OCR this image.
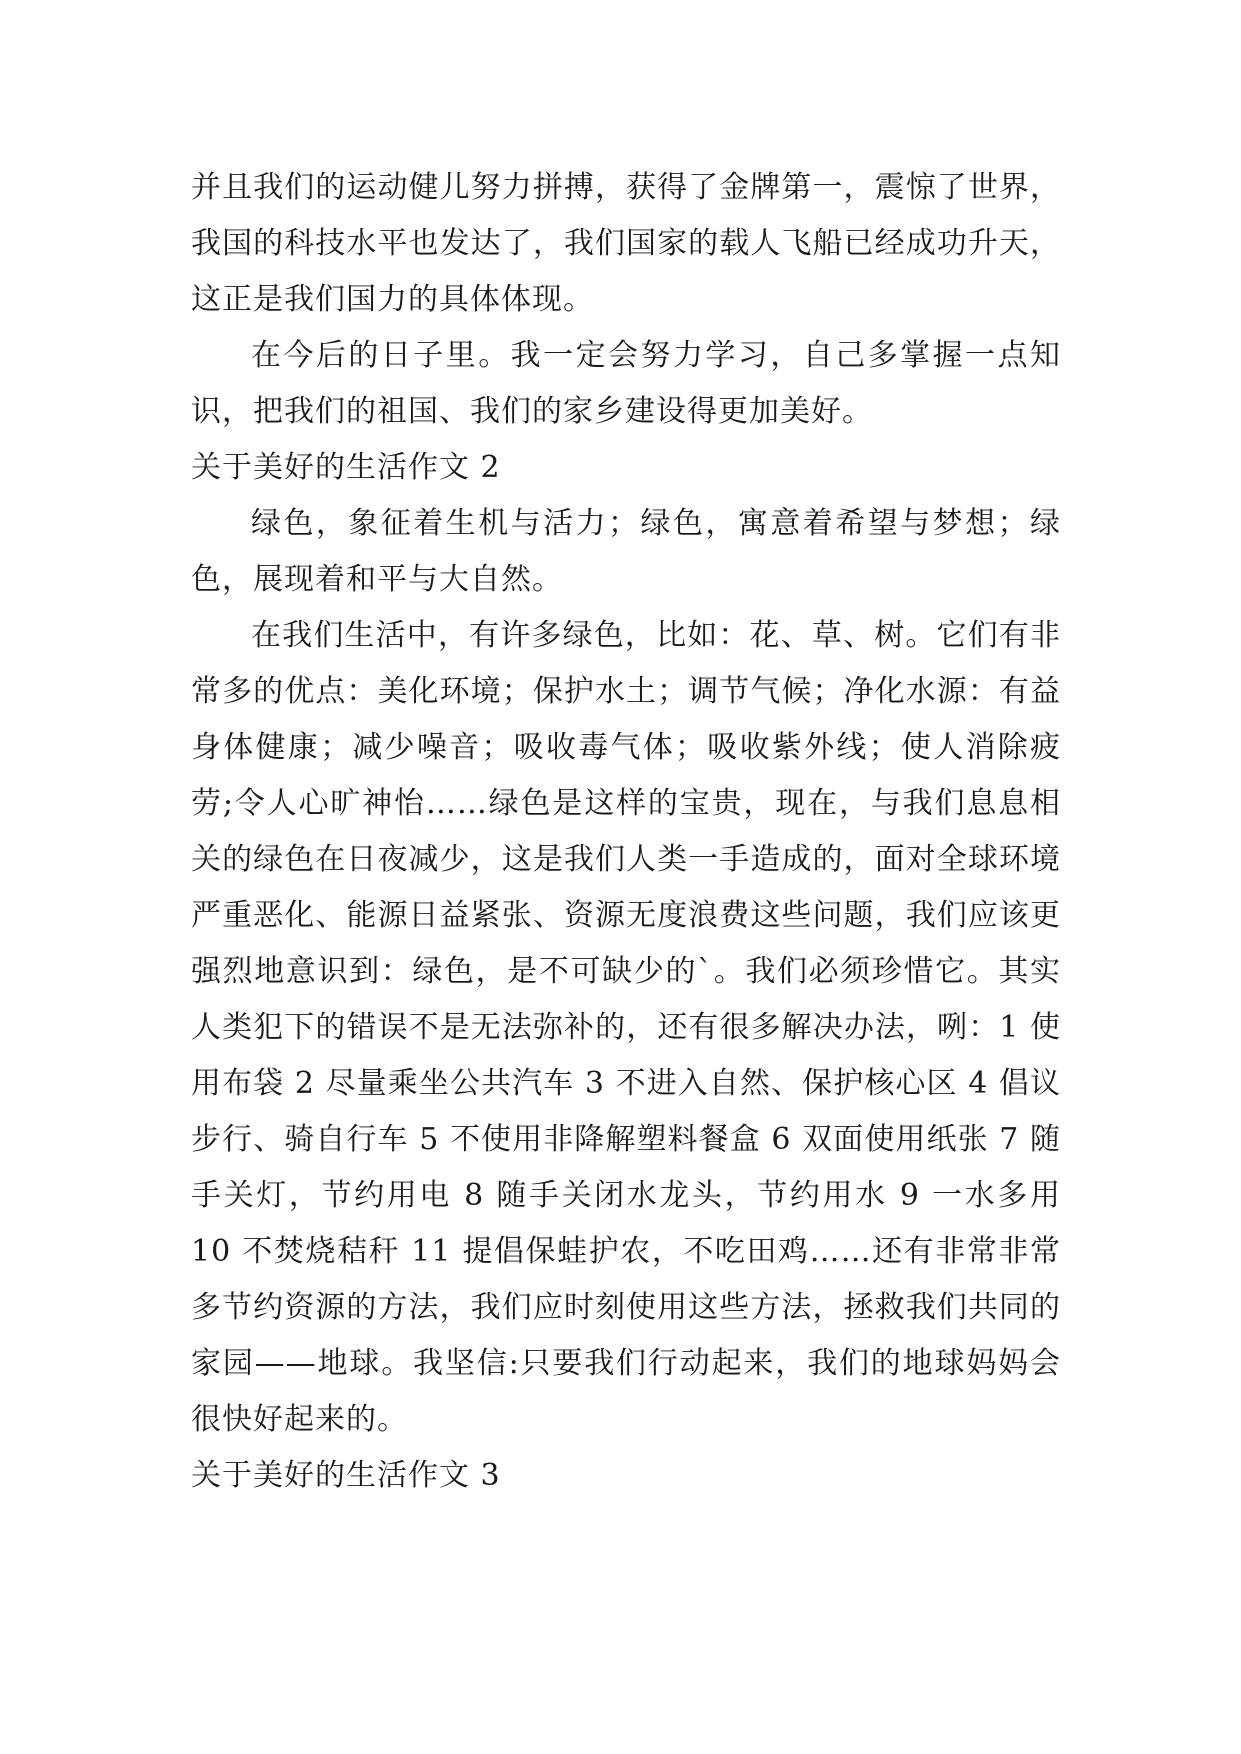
并且我们的运动健儿努力拼搏，获得了金牌第一，震惊了世界，我国的科技水平也发达了，我们国家的载人飞船已经成功升天，这正是我们国力的具体体现。

在今后的日子里。我一定会努力学习，自己多掌握一点知识，把我们的祖国、我们的家乡建设得更加美好。

关于美好的生活作文 2

绿色，象征着生机与活力；绿色，寓意着希望与梦想；绿色，展现着和平与大自然。

在我们生活中，有许多绿色，比如：花、草、树。它们有非常多的优点：美化环境；保护水土；调节气候；净化水源：有益身体健康；减少噪音；吸收毒气体；吸收紫外线；使人消除疲劳;令人心旷神怡……绿色是这样的宝贵，现在，与我们息息相关的绿色在日夜减少，这是我们人类一手造成的，面对全球环境严重恶化、能源日益紧张、资源无度浪费这些问题，我们应该更强烈地意识到：绿色，是不可缺少的`。我们必须珍惜它。其实人类犯下的错误不是无法弥补的，还有很多解决办法，咧：1 使用布袋 2 尽量乘坐公共汽车 3 不进入自然、保护核心区 4 倡议步行、骑自行车 5 不使用非降解塑料餐盒 6 双面使用纸张 7 随手关灯，节约用电 8 随手关闭水龙头，节约用水 9 一水多用 10 不焚烧秸秆 11 提倡保蛙护农，不吃田鸡……还有非常非常多节约资源的方法，我们应时刻使用这些方法，拯救我们共同的家园——地球。我坚信:只要我们行动起来，我们的地球妈妈会很快好起来的。

关于美好的生活作文 3
